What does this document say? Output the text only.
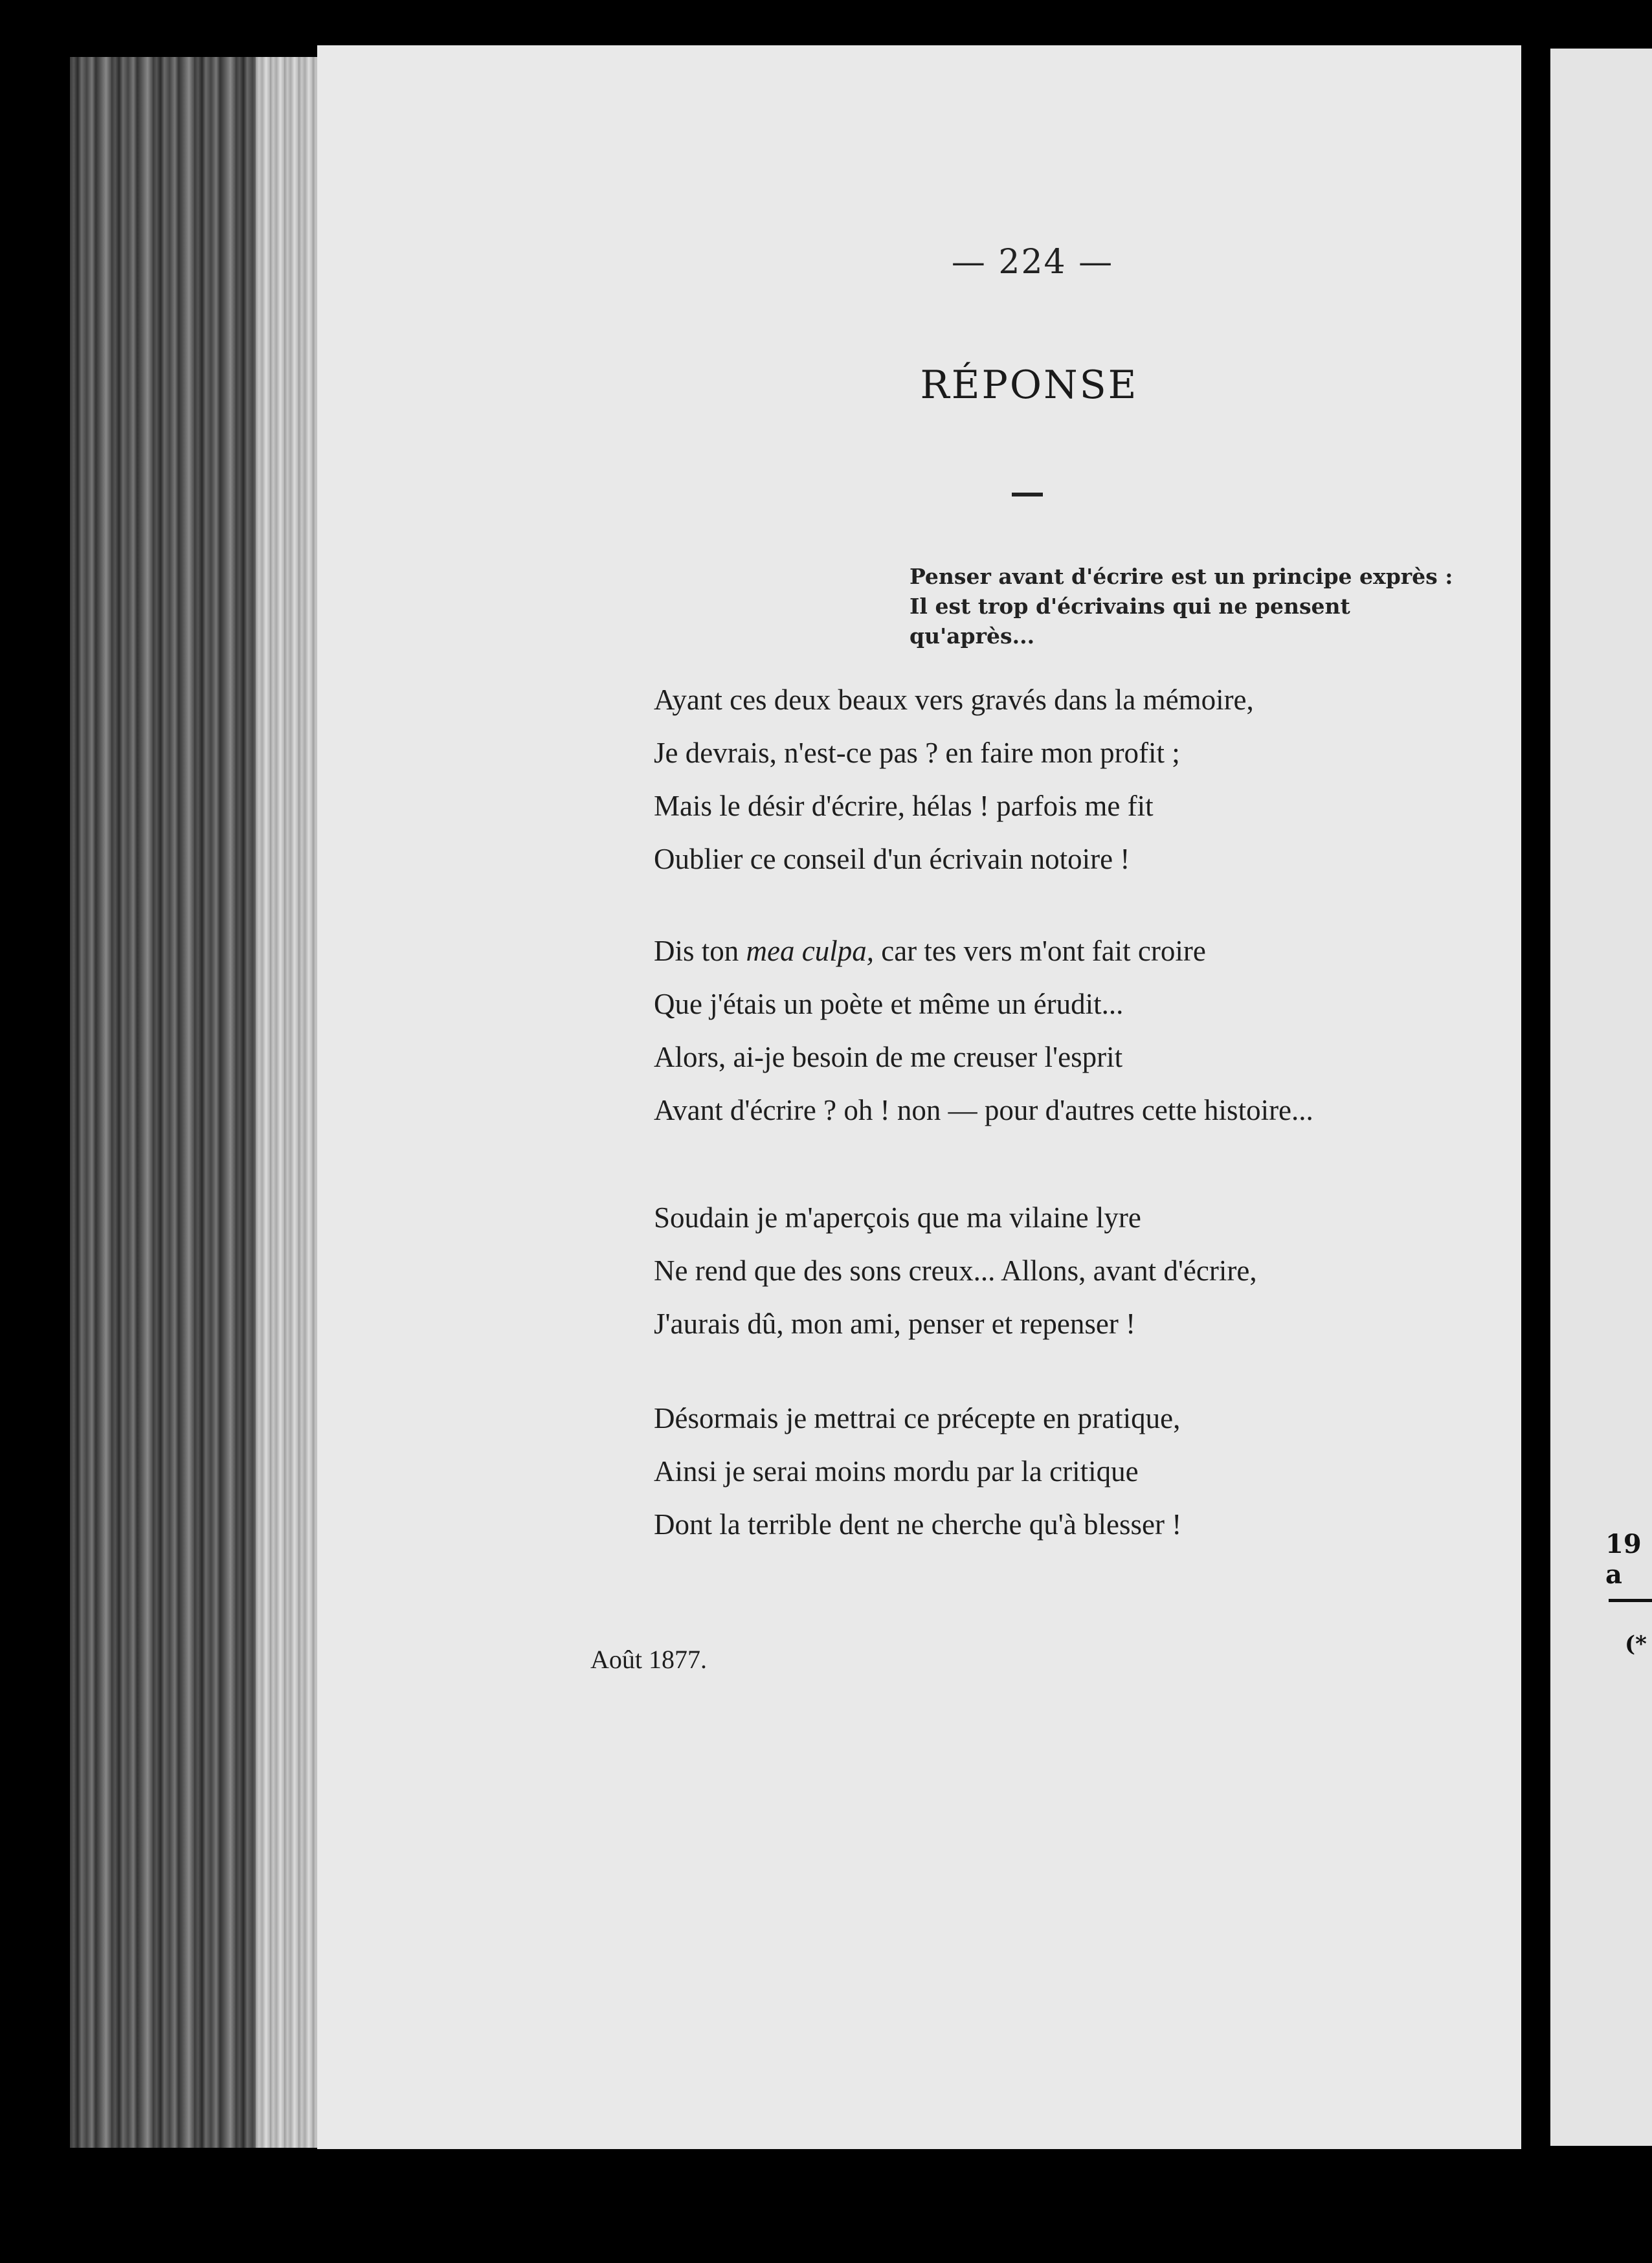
19 a
(*
— 224 —
RÉPONSE
Penser avant d'écrire est un principe exprès :
Il est trop d'écrivains qui ne pensent qu'après...
Ayant ces deux beaux vers gravés dans la mémoire,
Je devrais, n'est-ce pas ? en faire mon profit ;
Mais le désir d'écrire, hélas ! parfois me fit
Oublier ce conseil d'un écrivain notoire !
Dis ton mea culpa, car tes vers m'ont fait croire
Que j'étais un poète et même un érudit...
Alors, ai-je besoin de me creuser l'esprit
Avant d'écrire ? oh ! non — pour d'autres cette histoire...
Soudain je m'aperçois que ma vilaine lyre
Ne rend que des sons creux... Allons, avant d'écrire,
J'aurais dû, mon ami, penser et repenser !
Désormais je mettrai ce précepte en pratique,
Ainsi je serai moins mordu par la critique
Dont la terrible dent ne cherche qu'à blesser !
Août 1877.
